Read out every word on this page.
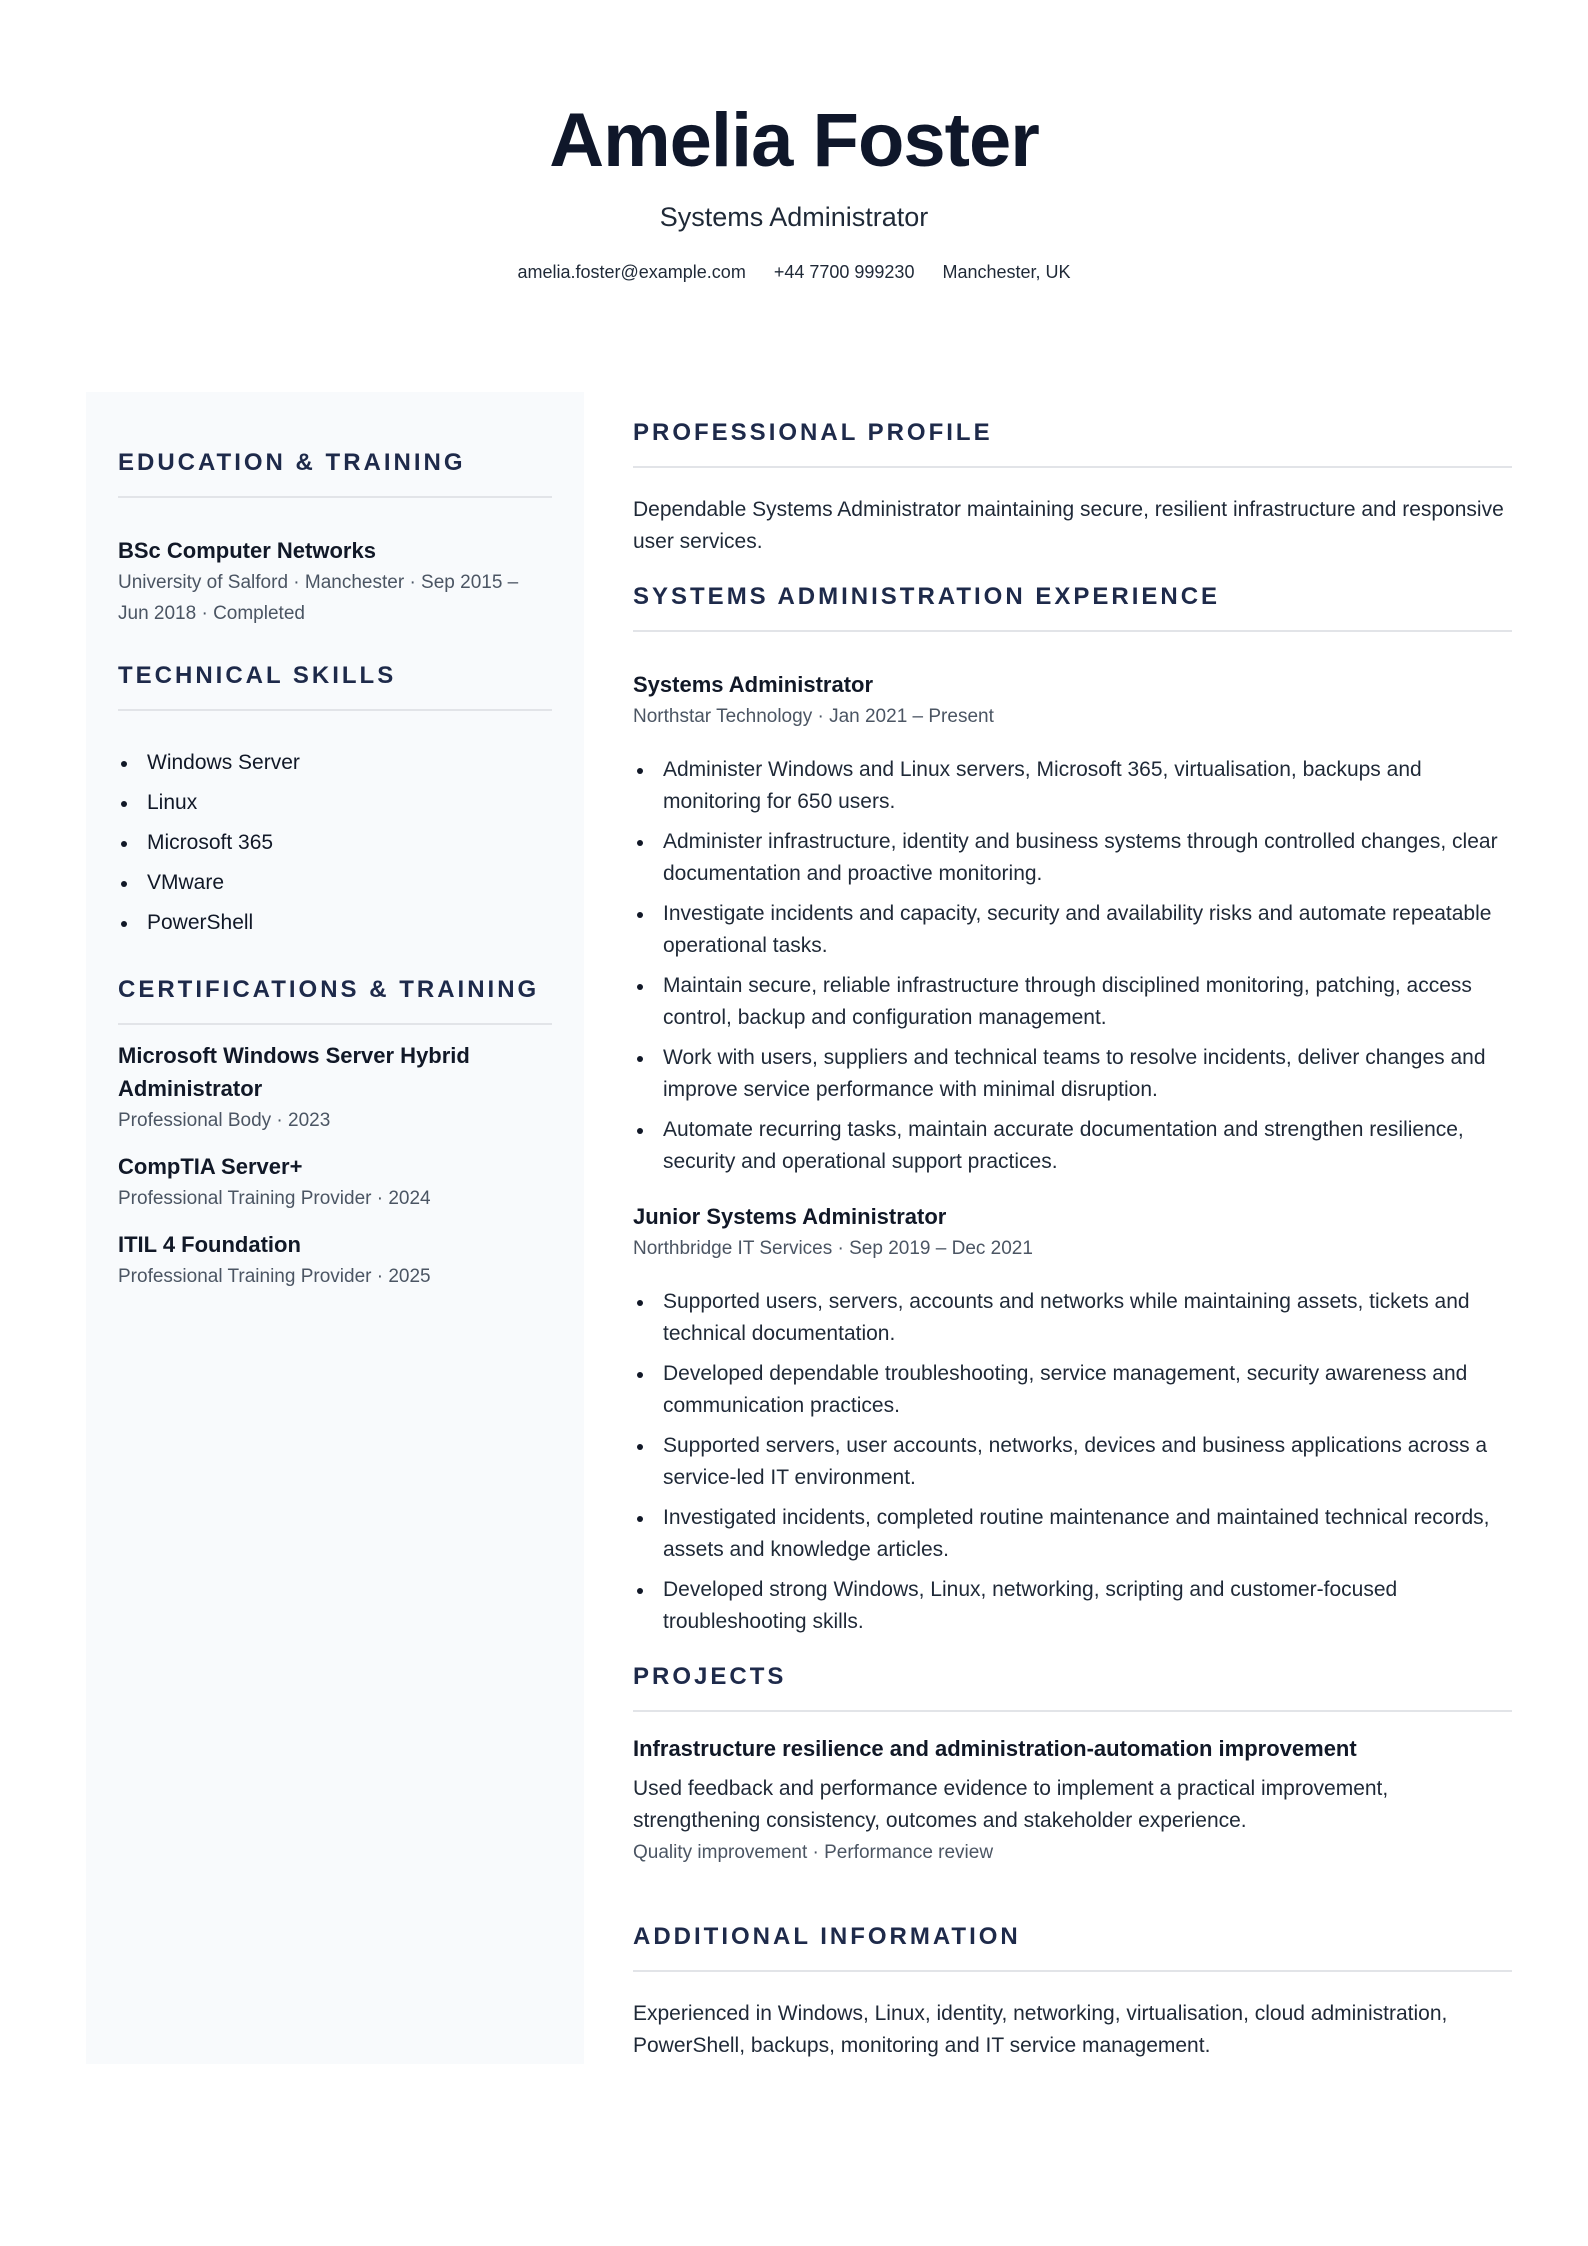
Amelia Foster
Systems Administrator
amelia.foster@example.com +44 7700 999230 Manchester, UK
EDUCATION & TRAINING
BSc Computer Networks
University of Salford · Manchester · Sep 2015 – Jun 2018 · Completed
TECHNICAL SKILLS
Windows Server
Linux
Microsoft 365
VMware
PowerShell
CERTIFICATIONS & TRAINING
Microsoft Windows Server Hybrid Administrator
Professional Body · 2023
CompTIA Server+
Professional Training Provider · 2024
ITIL 4 Foundation
Professional Training Provider · 2025
PROFESSIONAL PROFILE
Dependable Systems Administrator maintaining secure, resilient infrastructure and responsive user services.
SYSTEMS ADMINISTRATION EXPERIENCE
Systems Administrator
Northstar Technology · Jan 2021 – Present
Administer Windows and Linux servers, Microsoft 365, virtualisation, backups and monitoring for 650 users.
Administer infrastructure, identity and business systems through controlled changes, clear documentation and proactive monitoring.
Investigate incidents and capacity, security and availability risks and automate repeatable operational tasks.
Maintain secure, reliable infrastructure through disciplined monitoring, patching, access control, backup and configuration management.
Work with users, suppliers and technical teams to resolve incidents, deliver changes and improve service performance with minimal disruption.
Automate recurring tasks, maintain accurate documentation and strengthen resilience, security and operational support practices.
Junior Systems Administrator
Northbridge IT Services · Sep 2019 – Dec 2021
Supported users, servers, accounts and networks while maintaining assets, tickets and technical documentation.
Developed dependable troubleshooting, service management, security awareness and communication practices.
Supported servers, user accounts, networks, devices and business applications across a service-led IT environment.
Investigated incidents, completed routine maintenance and maintained technical records, assets and knowledge articles.
Developed strong Windows, Linux, networking, scripting and customer-focused troubleshooting skills.
PROJECTS
Infrastructure resilience and administration-automation improvement
Used feedback and performance evidence to implement a practical improvement, strengthening consistency, outcomes and stakeholder experience.
Quality improvement · Performance review
ADDITIONAL INFORMATION
Experienced in Windows, Linux, identity, networking, virtualisation, cloud administration, PowerShell, backups, monitoring and IT service management.
